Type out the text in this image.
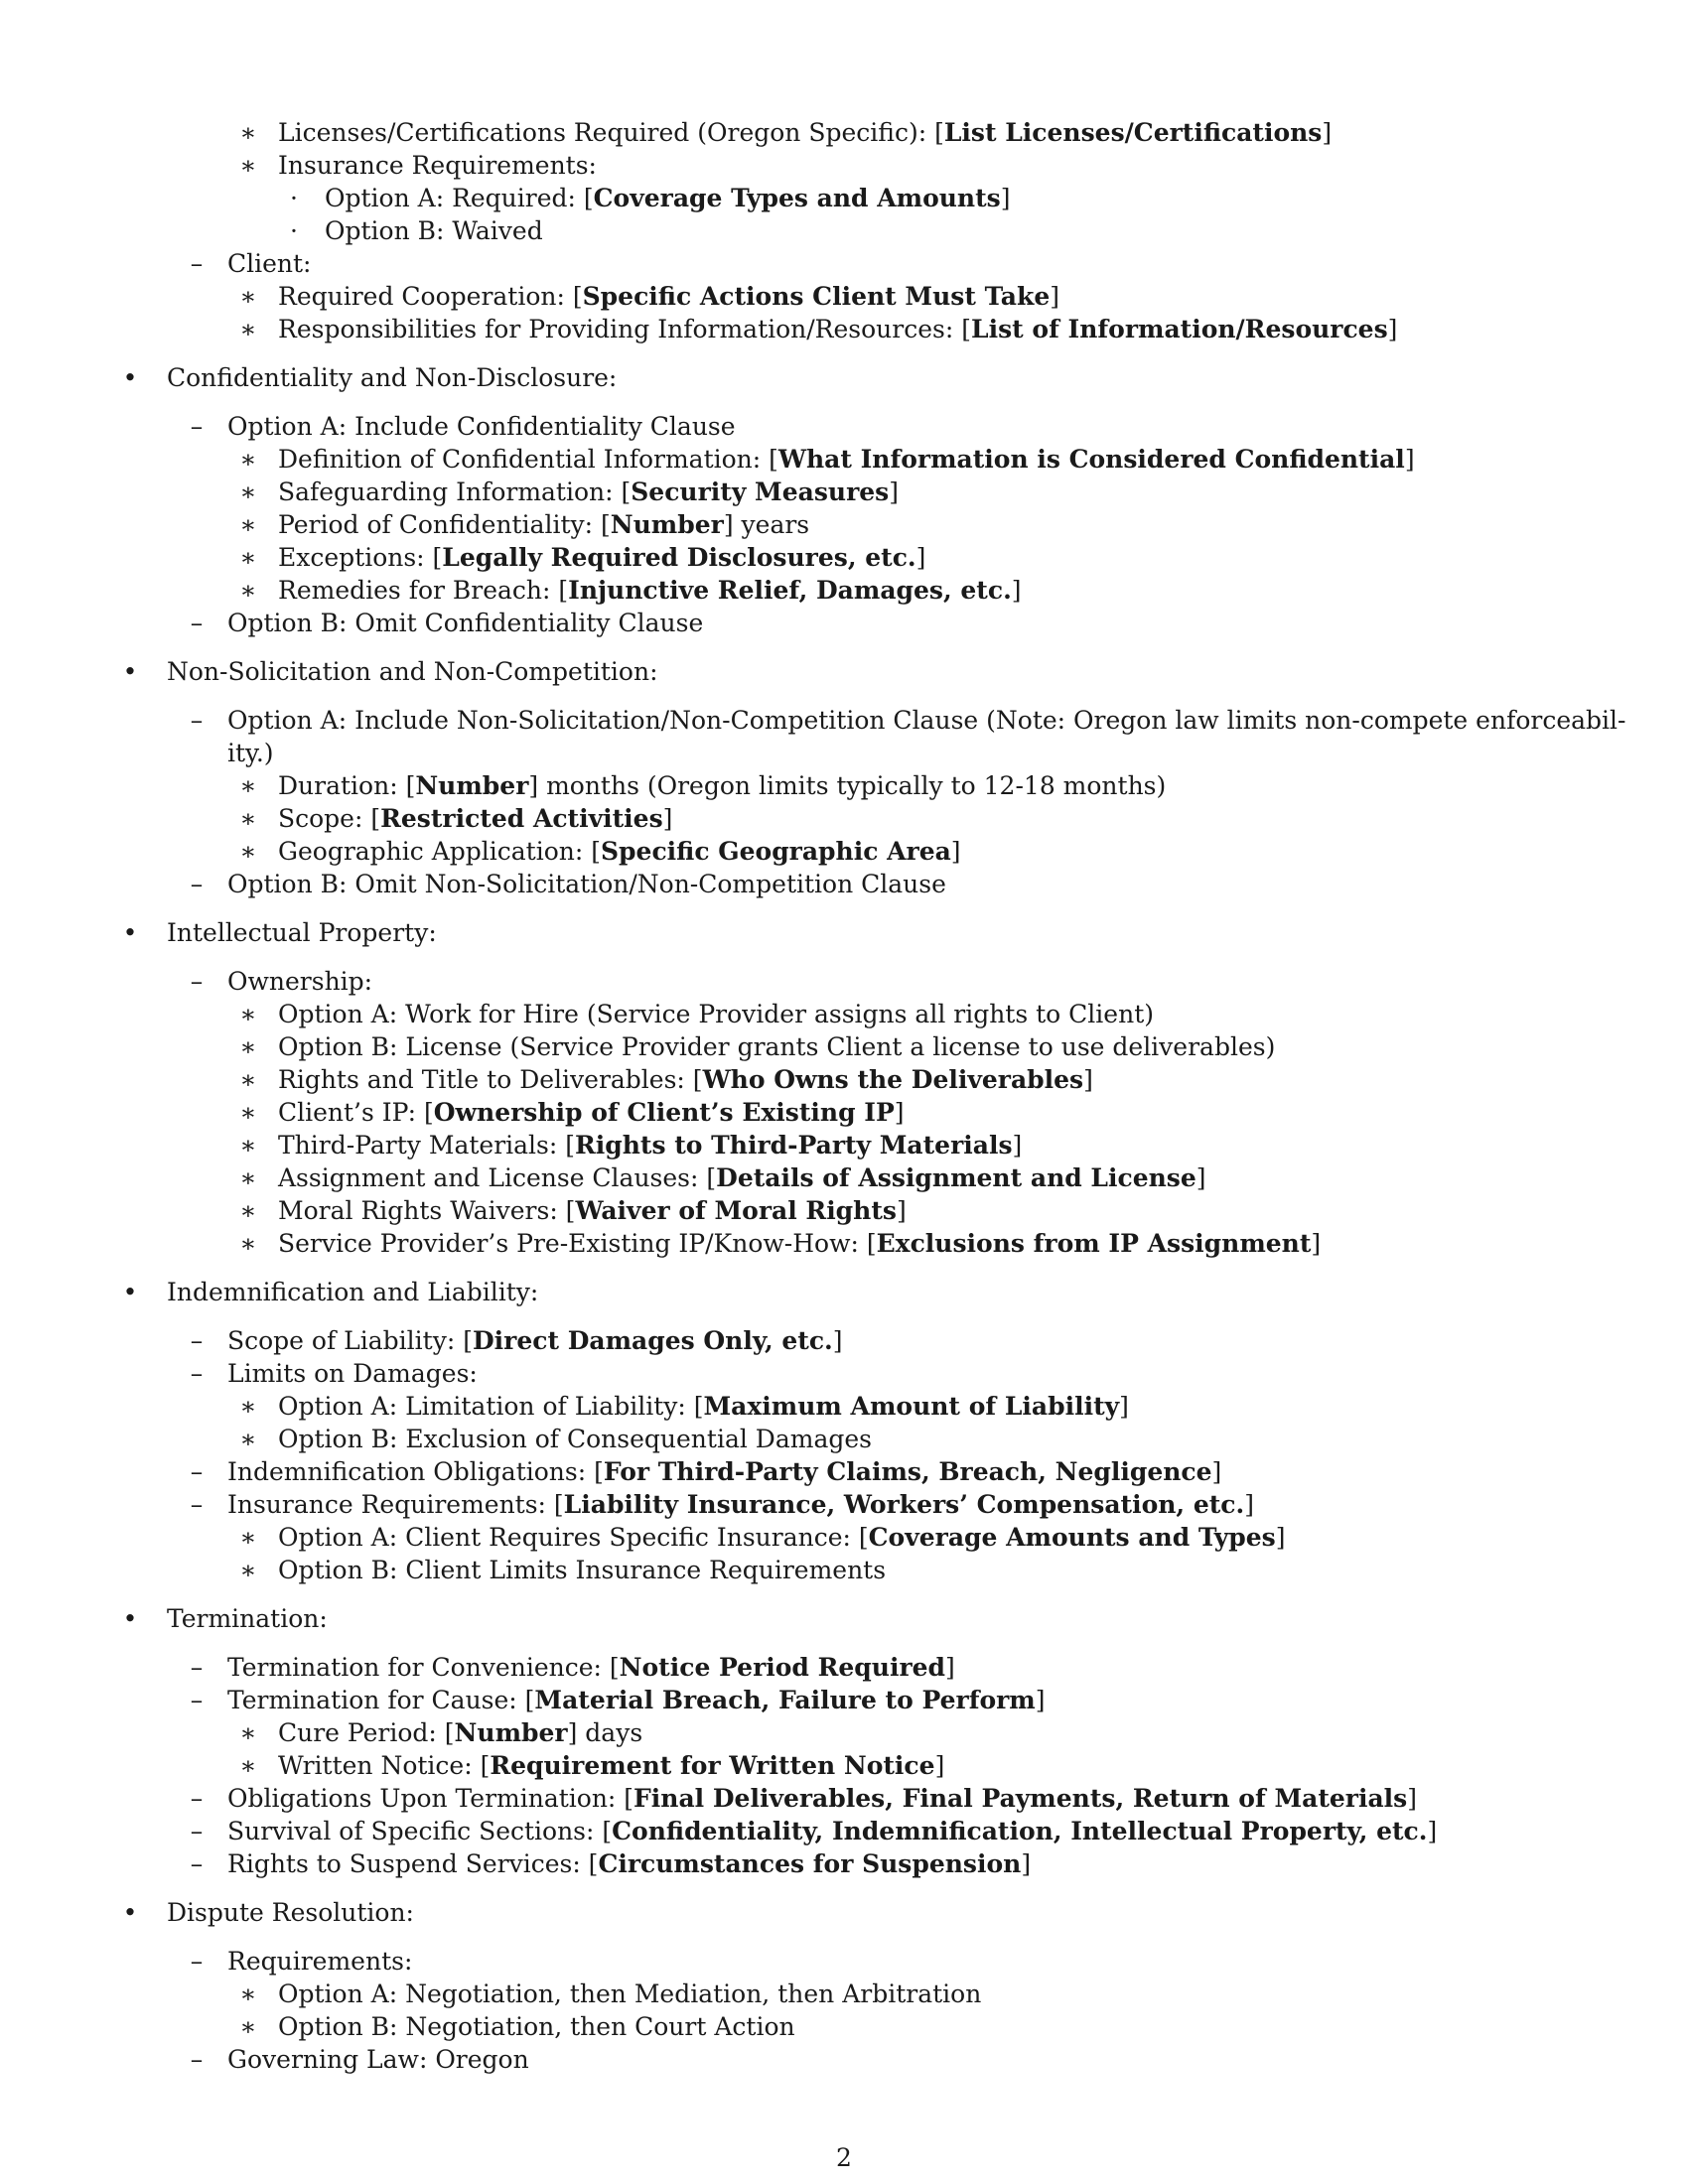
∗ Licenses/Certifications Required (Oregon Specific): [List Licenses/Certifications]
∗ Insurance Requirements:
· Option A: Required: [Coverage Types and Amounts]
· Option B: Waived
– Client:
∗ Required Cooperation: [Specific Actions Client Must Take]
∗ Responsibilities for Providing Information/Resources: [List of Information/Resources]
• Confidentiality and Non-Disclosure:
– Option A: Include Confidentiality Clause
∗ Definition of Confidential Information: [What Information is Considered Confidential]
∗ Safeguarding Information: [Security Measures]
∗ Period of Confidentiality: [Number] years
∗ Exceptions: [Legally Required Disclosures, etc.]
∗ Remedies for Breach: [Injunctive Relief, Damages, etc.]
– Option B: Omit Confidentiality Clause
• Non-Solicitation and Non-Competition:
– Option A: Include Non-Solicitation/Non-Competition Clause (Note: Oregon law limits non-compete enforceabil-
ity.)
∗ Duration: [Number] months (Oregon limits typically to 12-18 months)
∗ Scope: [Restricted Activities]
∗ Geographic Application: [Specific Geographic Area]
– Option B: Omit Non-Solicitation/Non-Competition Clause
• Intellectual Property:
– Ownership:
∗ Option A: Work for Hire (Service Provider assigns all rights to Client)
∗ Option B: License (Service Provider grants Client a license to use deliverables)
∗ Rights and Title to Deliverables: [Who Owns the Deliverables]
∗ Client’s IP: [Ownership of Client’s Existing IP]
∗ Third-Party Materials: [Rights to Third-Party Materials]
∗ Assignment and License Clauses: [Details of Assignment and License]
∗ Moral Rights Waivers: [Waiver of Moral Rights]
∗ Service Provider’s Pre-Existing IP/Know-How: [Exclusions from IP Assignment]
• Indemnification and Liability:
– Scope of Liability: [Direct Damages Only, etc.]
– Limits on Damages:
∗ Option A: Limitation of Liability: [Maximum Amount of Liability]
∗ Option B: Exclusion of Consequential Damages
– Indemnification Obligations: [For Third-Party Claims, Breach, Negligence]
– Insurance Requirements: [Liability Insurance, Workers’ Compensation, etc.]
∗ Option A: Client Requires Specific Insurance: [Coverage Amounts and Types]
∗ Option B: Client Limits Insurance Requirements
• Termination:
– Termination for Convenience: [Notice Period Required]
– Termination for Cause: [Material Breach, Failure to Perform]
∗ Cure Period: [Number] days
∗ Written Notice: [Requirement for Written Notice]
– Obligations Upon Termination: [Final Deliverables, Final Payments, Return of Materials]
– Survival of Specific Sections: [Confidentiality, Indemnification, Intellectual Property, etc.]
– Rights to Suspend Services: [Circumstances for Suspension]
• Dispute Resolution:
– Requirements:
∗ Option A: Negotiation, then Mediation, then Arbitration
∗ Option B: Negotiation, then Court Action
– Governing Law: Oregon
2
